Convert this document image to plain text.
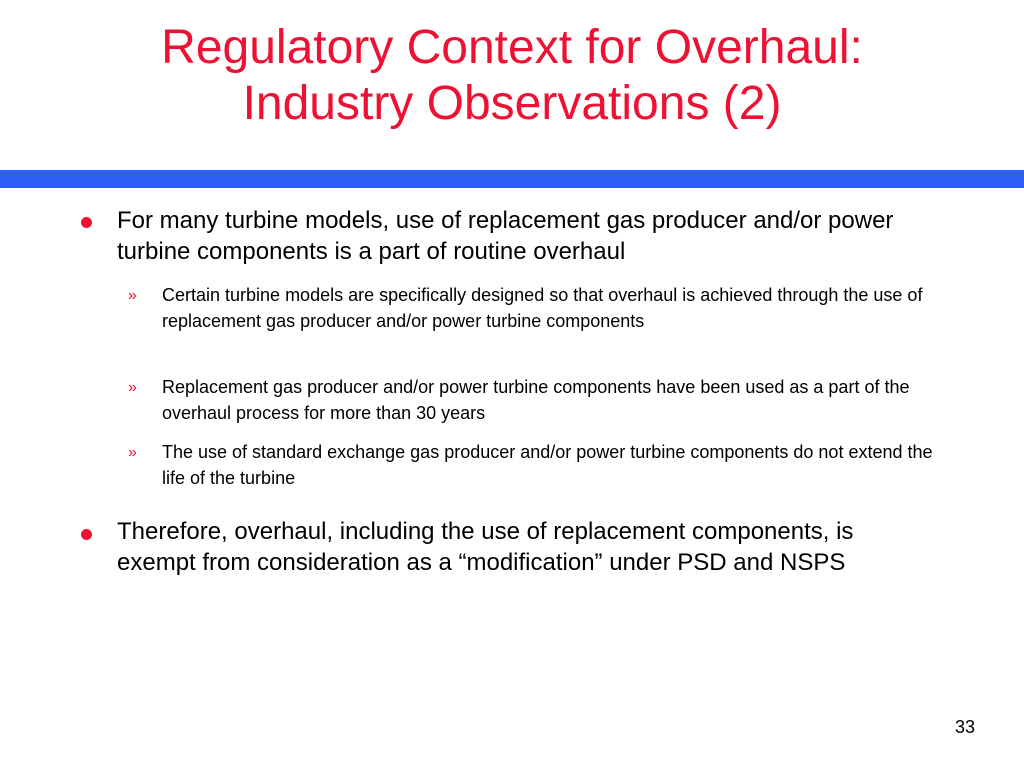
Regulatory Context for Overhaul:
Industry Observations (2)

For many turbine models, use of replacement gas producer and/or power turbine components is a part of routine overhaul

» Certain turbine models are specifically designed so that overhaul is achieved through the use of replacement gas producer and/or power turbine components

» Replacement gas producer and/or power turbine components have been used as a part of the overhaul process for more than 30 years

» The use of standard exchange gas producer and/or power turbine components do not extend the life of the turbine

Therefore, overhaul, including the use of replacement components, is exempt from consideration as a “modification” under PSD and NSPS

33
